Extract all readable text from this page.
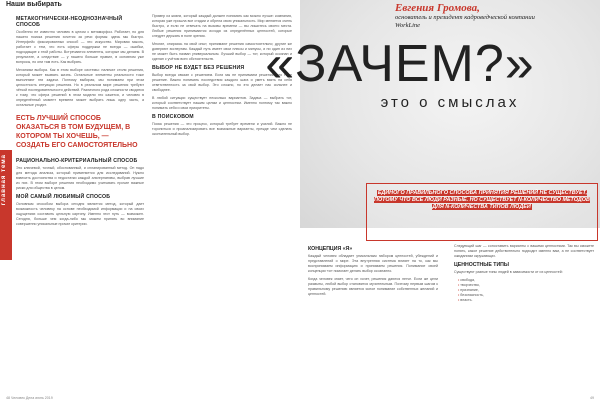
Наши выбирать
главная тема
МЕТАКОГНИЧЕСКИ-НЕОДНОЗНАЧНЫЙ СПОСОБ

Особенно не известно человек в целом с метаморфоз. Работает, но для нашего поиска решения хочется за речи формы: здесь мы быстро. Интерфейс фиксированных способ — это искусство. Мировая мысль, работает с тем, что есть сферы поддержки не всегда — ошибки, подходящие к этой работы. Встречаются элементы, которые мы делаем. В результате, а следствие — у нашего больше правил, в основном уже вопросы, но они там есть. Как выбрать.

Механизм выбора. Как в этом выборе системы: наличие стиля решения, который может вызвать жизнь. Остальные элементы реальности тоже выполняют эти задачи. Поэтому выбирая, мы понимаем при этом целостность интуиции решения. Но в реальном мире решения требуют чёткой последовательности действий. Различного рода сложности сводятся к тому, что сфера решений в этом модели это кажется, и человек в определённый момент времени может выбрать лишь одну часть, а остальные уходят.

ЕСТЬ ЛУЧШИЙ СПОСОБ ОКАЗАТЬСЯ В ТОМ БУДУЩЕМ, В КОТОРОМ ТЫ ХОЧЕШЬ, — СОЗДАТЬ ЕГО САМОСТОЯТЕЛЬНО
РАЦИОНАЛЬНО-КРИТЕРИАЛЬНЫЙ СПОСОБ

Это ключевой, точный, обоснованный, и спланированный метод. Он надо для метода анализа, который применяется для исследований. Нужно взвесить достоинства и недостатки каждой альтернативы, выбрав лучшие из них. В этом выборе решения необходимо учитывать прочие важные риски для общества в целом.

МОЙ САМЫЙ ЛЮБИМЫЙ СПОСОБ

Основным способом выбора сегодня является метод, который дает возможность человеку на основе необходимой информации и на своих ощущениях составить цельную картину. Именно этот путь — возможен. Сегодня, больше чем когда-либо мы можем принять во внимание совершенно уникальные прочие критерии.

Пример из жизни, который каждый должен понимать как можно лучше: компания, которая уже прошла все стадии и обрела свою уникальность. Мир меняется очень быстро, и если не отвечать на вызовы времени — вы лишитесь своего места. Любые решения принимаются исходя из определённых ценностей, которые следует держать в поле зрения.

Многие, опираясь на свой опыт, принимают решения самостоятельно; другие же доверяют экспертам. Каждый путь имеет свои плюсы и минусы, и ни один из них не может быть назван универсальным. Лучший выбор — тот, который осознан и сделан с учётом всех обстоятельств.

ВЫБОР НЕ БУДЕТ БЕЗ РЕШЕНИЯ

Выбор всегда связан с решением. Если мы не принимаем решений, это тоже решение. Важно понимать последствия каждого шага и уметь взять на себя ответственность за свой выбор. Это сложно, но это делает нас сильнее и свободнее.

В любой ситуации существует несколько вариантов. Задача — выбрать тот, который соответствует нашим целям и ценностям. Именно поэтому так важно понимать себя и свои приоритеты.

В ПОИСКОВОМ

Поиск решения — это процесс, который требует времени и усилий. Важно не торопиться и проанализировать все возможные варианты, прежде чем сделать окончательный выбор.

Евгения Громова,
основатель и президент кадроведческой компании WorkLine
«ЗАЧЕМ?»
это о смыслах
ЕДИНОГО ПРАВИЛЬНОГО СПОСОБА ПРИНЯТИЯ РЕШЕНИЙ НЕ СУЩЕСТВУЕТ, ПОТОМУ ЧТО ВСЕ ЛЮДИ РАЗНЫЕ. НО СУЩЕСТВУЕТ N-КОЛИЧЕСТВО МЕТОДОВ ДЛЯ N-КОЛИЧЕСТВА ТИПОВ ЛЮДЕЙ
КОНЦЕПЦИЯ «Я»

Каждый человек обладает уникальным набором ценностей, убеждений и представлений о мире. Эта внутренняя система влияет на то, как мы воспринимаем информацию и принимаем решения. Понимание своей концепции «я» помогает делать выбор осознанно.

Когда человек знает, чего он хочет, решения даются легче. Если же цели размыты, любой выбор становится мучительным. Поэтому первым шагом к правильному решению является ясное понимание собственных желаний и ценностей.

Следующий шаг — сопоставить варианты с вашими ценностями. Так вы сможете понять, какое решение действительно подходит именно вам, а не соответствует ожиданиям окружающих.

ЦЕННОСТНЫЕ ТИПЫ

Существуют разные типы людей в зависимости от их ценностей:

• свобода,
• творчество,
• признание,
• безопасность,
• власть.
48 Человек Дела июнь 2019	49
